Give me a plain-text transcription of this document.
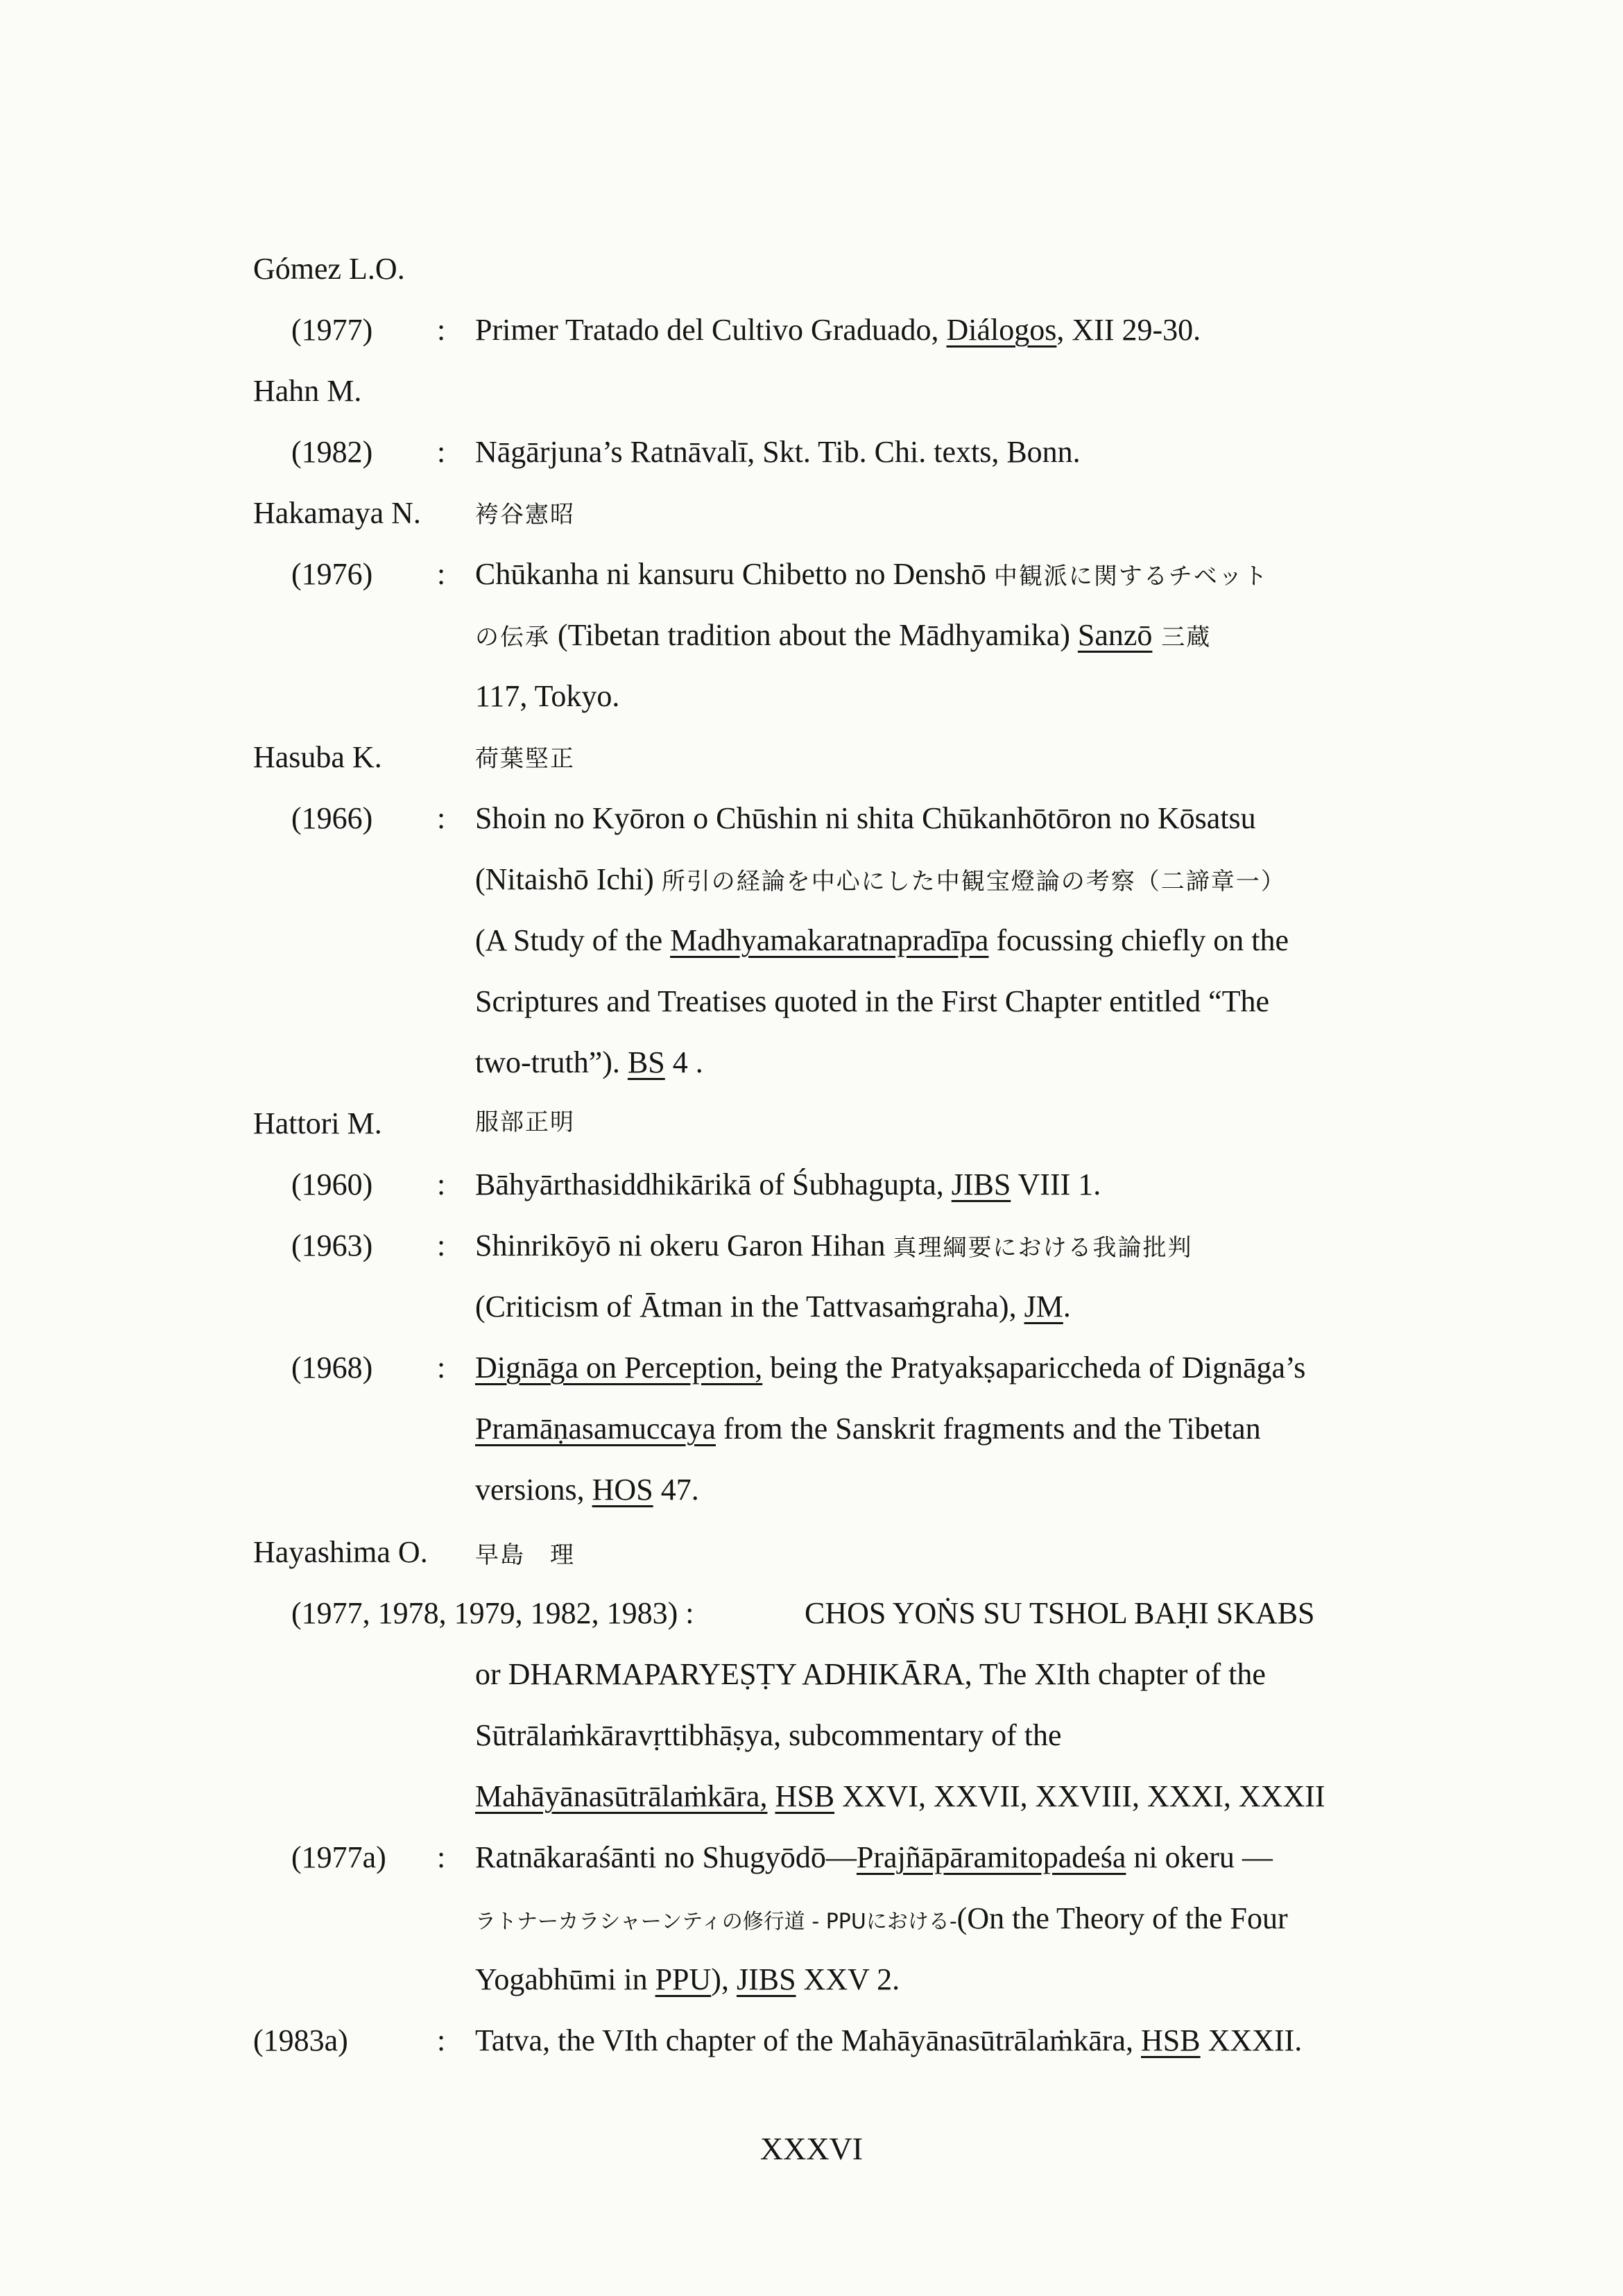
Gómez L.O.
(1977) : Primer Tratado del Cultivo Graduado, Diálogos, XII 29-30.
Hahn M.
(1982) : Nāgārjuna’s Ratnāvalī, Skt. Tib. Chi. texts, Bonn.
Hakamaya N. 袴谷憲昭
(1976) : Chūkanha ni kansuru Chibetto no Denshō 中観派に関するチベット
の伝承 (Tibetan tradition about the Mādhyamika) Sanzō 三蔵
117, Tokyo.
Hasuba K.	荷葉堅正
(1966) : Shoin no Kyōron o Chūshin ni shita Chūkanhōtōron no Kōsatsu
(Nitaishō Ichi) 所引の経論を中心にした中観宝燈論の考察（二諦章一）
(A Study of the Madhyamakaratnapradīpa focussing chiefly on the
Scriptures and Treatises quoted in the First Chapter entitled “The
two-truth”). BS 4 .
Hattori M.	服部正明
(1960) : Bāhyārthasiddhikārikā of Śubhagupta, JIBS VIII 1.
(1963) : Shinrikōyō ni okeru Garon Hihan 真理綱要における我論批判
(Criticism of Ātman in the Tattvasaṁgraha), JM.
(1968) : Dignāga on Perception, being the Pratyakṣapariccheda of Dignāga’s
Pramāṇasamuccaya from the Sanskrit fragments and the Tibetan
versions, HOS 47.
Hayashima O. 早島　理
(1977, 1978, 1979, 1982, 1983) :	CHOS YOṄS SU TSHOL BAḤI SKABS
or DHARMAPARYEṢṬY ADHIKĀRA, The XIth chapter of the
Sūtrālaṁkāravṛttibhāṣya, subcommentary of the
Mahāyānasūtrālaṁkāra, HSB XXVI, XXVII, XXVIII, XXXI, XXXII
(1977a) : Ratnākaraśānti no Shugyōdō—Prajñāpāramitopadeśa ni okeru —
ラトナーカラシャーンティの修行道 - PPUにおける-(On the Theory of the Four
Yogabhūmi in PPU), JIBS XXV 2.
(1983a)	: Tatva, the VIth chapter of the Mahāyānasūtrālaṁkāra, HSB XXXII.
XXXVI
